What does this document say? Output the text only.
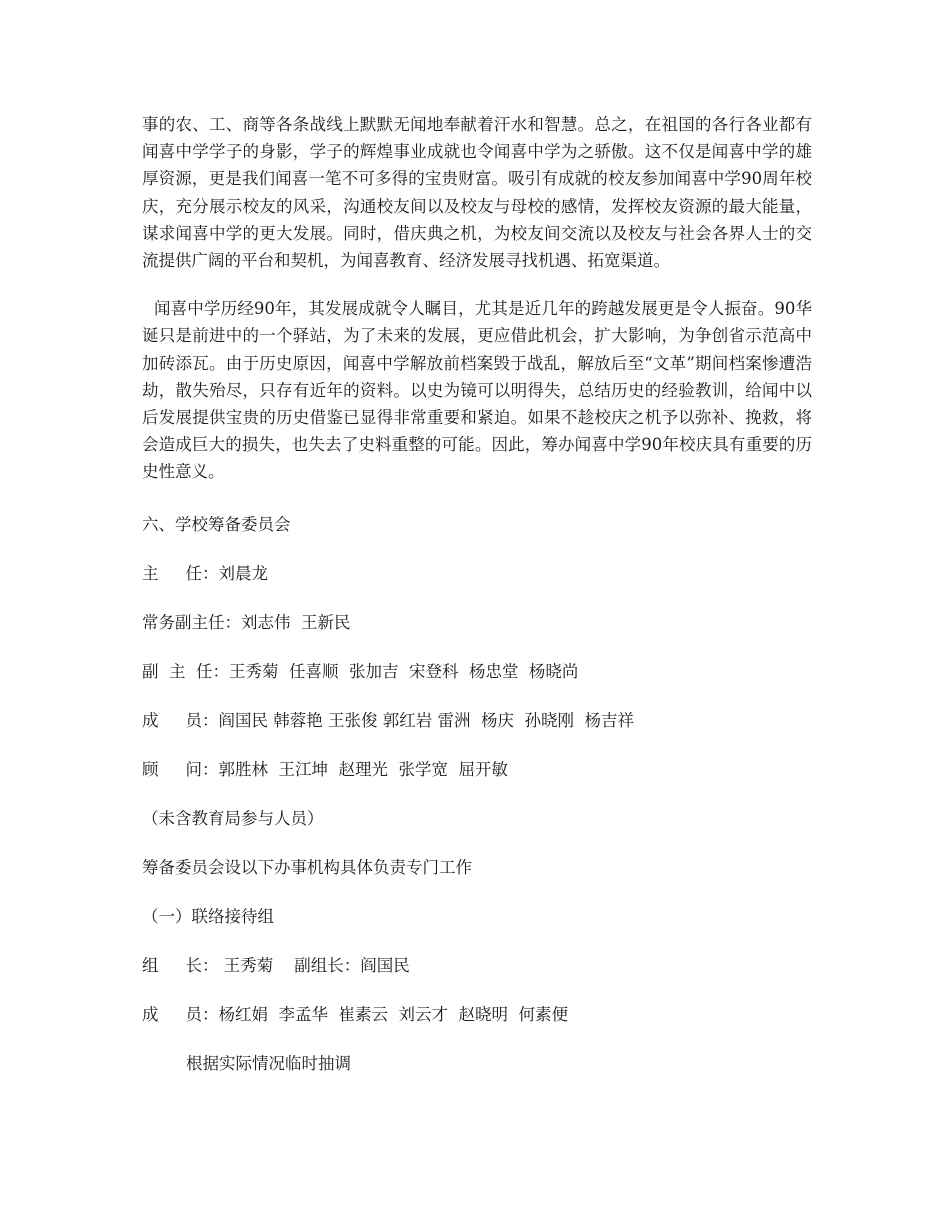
事的农、工、商等各条战线上默默无闻地奉献着汗水和智慧。总之，在祖国的各行各业都有闻喜中学学子的身影，学子的辉煌事业成就也令闻喜中学为之骄傲。这不仅是闻喜中学的雄厚资源，更是我们闻喜一笔不可多得的宝贵财富。吸引有成就的校友参加闻喜中学90周年校庆，充分展示校友的风采，沟通校友间以及校友与母校的感情，发挥校友资源的最大能量，谋求闻喜中学的更大发展。同时，借庆典之机，为校友间交流以及校友与社会各界人士的交流提供广阔的平台和契机，为闻喜教育、经济发展寻找机遇、拓宽渠道。

闻喜中学历经90年，其发展成就令人瞩目，尤其是近几年的跨越发展更是令人振奋。90华诞只是前进中的一个驿站，为了未来的发展，更应借此机会，扩大影响，为争创省示范高中加砖添瓦。由于历史原因，闻喜中学解放前档案毁于战乱，解放后至“文革”期间档案惨遭浩劫，散失殆尽，只存有近年的资料。以史为镜可以明得失，总结历史的经验教训，给闻中以后发展提供宝贵的历史借鉴已显得非常重要和紧迫。如果不趁校庆之机予以弥补、挽救，将会造成巨大的损失，也失去了史料重整的可能。因此，筹办闻喜中学90年校庆具有重要的历史性意义。

六、学校筹备委员会

主　  任：刘晨龙

常务副主任：刘志伟  王新民

副  主  任：王秀菊  任喜顺  张加吉  宋登科  杨忠堂  杨晓尚

成　  员：阎国民 韩蓉艳 王张俊 郭红岩 雷洲  杨庆  孙晓刚  杨吉祥

顾　  问：郭胜林  王江坤  赵理光  张学宽  屈开敏

（未含教育局参与人员）

筹备委员会设以下办事机构具体负责专门工作

（一）联络接待组

组　  长： 王秀菊    副组长：阎国民

成　  员：杨红娟  李孟华  崔素云  刘云才  赵晓明  何素便

根据实际情况临时抽调
